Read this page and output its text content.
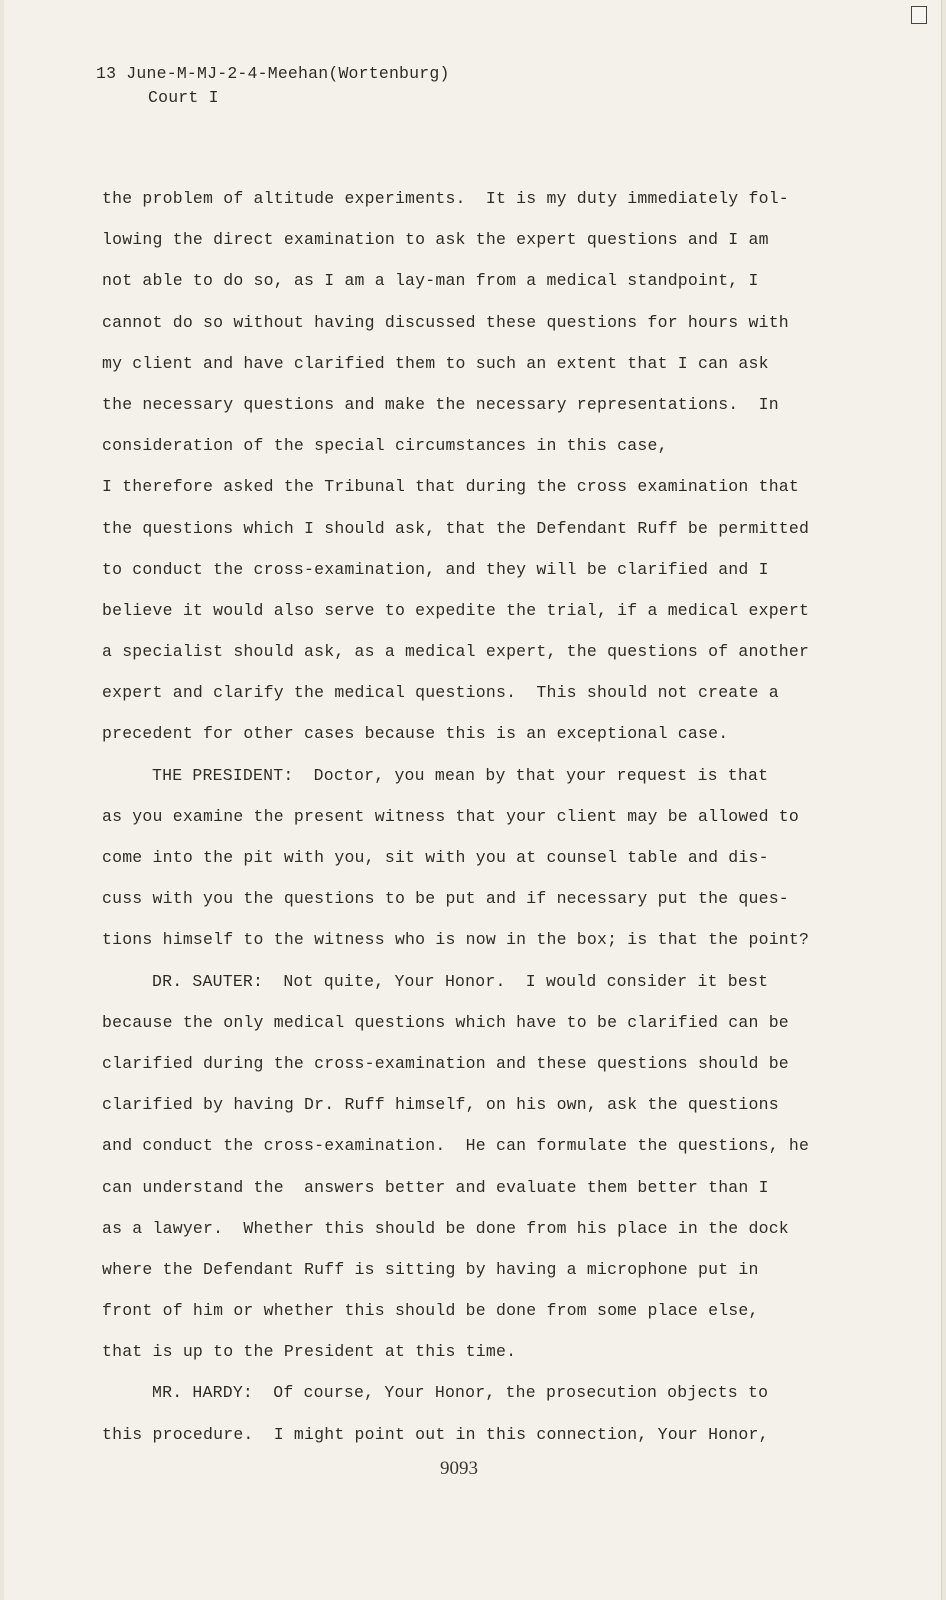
13 June-M-MJ-2-4-Meehan(Wortenburg)
Court I
the problem of altitude experiments.  It is my duty immediately fol-
lowing the direct examination to ask the expert questions and I am
not able to do so, as I am a lay-man from a medical standpoint, I
cannot do so without having discussed these questions for hours with
my client and have clarified them to such an extent that I can ask
the necessary questions and make the necessary representations.  In
consideration of the special circumstances in this case,
I therefore asked the Tribunal that during the cross examination that
the questions which I should ask, that the Defendant Ruff be permitted
to conduct the cross-examination, and they will be clarified and I
believe it would also serve to expedite the trial, if a medical expert
a specialist should ask, as a medical expert, the questions of another
expert and clarify the medical questions.  This should not create a
precedent for other cases because this is an exceptional case.
THE PRESIDENT:  Doctor, you mean by that your request is that
as you examine the present witness that your client may be allowed to
come into the pit with you, sit with you at counsel table and dis-
cuss with you the questions to be put and if necessary put the ques-
tions himself to the witness who is now in the box; is that the point?
DR. SAUTER:  Not quite, Your Honor.  I would consider it best
because the only medical questions which have to be clarified can be
clarified during the cross-examination and these questions should be
clarified by having Dr. Ruff himself, on his own, ask the questions
and conduct the cross-examination.  He can formulate the questions, he
can understand the  answers better and evaluate them better than I
as a lawyer.  Whether this should be done from his place in the dock
where the Defendant Ruff is sitting by having a microphone put in
front of him or whether this should be done from some place else,
that is up to the President at this time.
MR. HARDY:  Of course, Your Honor, the prosecution objects to
this procedure.  I might point out in this connection, Your Honor,
9093
